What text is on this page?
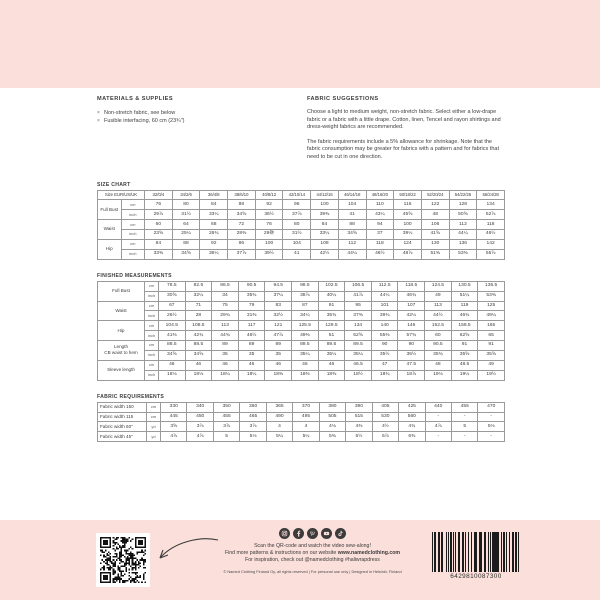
MATERIALS & SUPPLIES
× Non-stretch fabric, see below
× Fusible interfacing, 60 cm (23¾")
FABRIC SUGGESTIONS

Choose a light to medium weight, non-stretch fabric. Select either a low-drape fabric or a fabric with a little drape. Cotton, linen, Tencel and rayon shirtings and dress-weight fabrics are recommended.

The fabric requirements include a 5% allowance for shrinkage. Note that the fabric consumption may be greater for fabrics with a pattern and for fabrics that need to be cut in one direction.

SIZE CHART
Size EUR/US/UK		32/0/4	34/2/6	36/4/8	38/6/10	40/8/12	42/10/14	44/12/16	46/14/18	48/16/20	50/18/22	52/20/24	54/22/26	56/24/28
Full Bust	cm	76	80	84	88	92	96	100	104	110	116	122	128	134
	inch	29⅞	31½	33¼	34⅝	36½	37⅞	39⅜	41	43¼	45⅝	48	50⅝	52⅞
Waist	cm	60	64	68	72	76	80	84	88	94	100	106	112	118
	inch	23⅝	25¼	26¾	28⅜	29砸	31½	33¼	34⅝	37	39¼	41⅝	44¼	46½
Hip	cm	84	88	92	96	100	104	108	112	118	124	130	136	142
	inch	33⅜	34⅝	36¼	37⅞	39½	41	42½	44¼	46½	48⅞	51⅜	53⅜	55⅞
FINISHED MEASUREMENTS
Full Bust	cm	78.5	82.5	86.5	90.5	94.5	98.5	102.5	106.5	112.5	118.5	124.5	130.5	136.5
	inch	30⅝	32¼	34	35¾	37¼	38⅞	40¼	41⅞	44¼	46¾	49	51¼	53⅜
Waist	cm	67	71	75	79	83	87	91	95	101	107	113	119	125
	inch	26½	28	29¾	31⅜	32½	34¼	35¾	37⅜	39¾	42¼	44½	46¾	49¼
Hip	cm	104.5	108.5	113	117	121	125.5	129.5	134	140	146	152.5	158.5	165
	inch	41⅜	42¾	44¾	46½	47⅞	49⅜	51	52⅝	55⅜	57¾	60	62⅝	65
Length
CB waist to hem	cm	88.5	88.5	89	89	89	89.5	89.5	89.5	90	90	90.5	91	91
	inch	34⅝	34⅝	35	35	35	35¼	35¼	35¼	35½	35½	35¾	35⅝	35⅝
Sleeve length	cm	46	46	46	46	46	46	46	46.5	47	47.5	48	48.5	49
	inch	18⅛	18⅛	18¼	18¼	18⅜	18⅜	18⅜	18½	18¾	18⅞	19⅛	19¼	19½
FABRIC REQUIREMENTS
Fabric width 150	cm	330	340	350	360	365	370	380	390	405	425	440	455	470
Fabric width 115	cm	445	450	455	465	490	495	505	515	530	560	-	-	-
Fabric width 60"	yd	3⅝	3⅞	3⅞	3⅞	4	4	4⅛	4⅜	4½	4¾	4⅞	5	5⅛
Fabric width 45"	yd	4⅞	4⅞	5	5⅛	5¼	5¼	5⅜	5½	5⅞	6⅜	-	-	-
Scan the QR-code and watch the video sew-along!
Find more patterns & instructions on our website www.namedclothing.com
For inspiration, check out @namedclothing #haliwrapdress
© Named Clothing Finland Oy, all rights reserved | For personal use only | Designed in Helsinki, Finland
6429810087300
